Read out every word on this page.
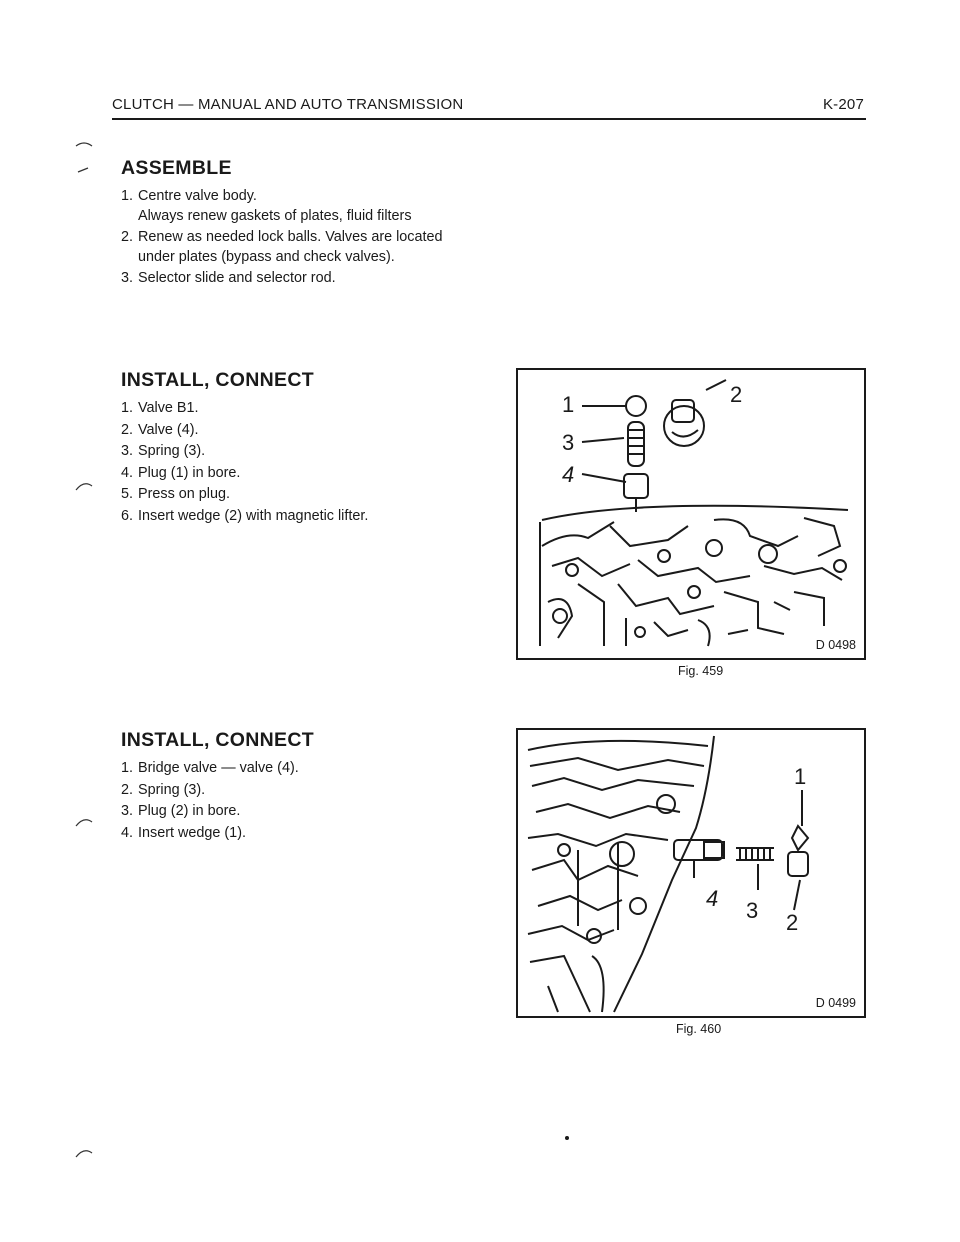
CLUTCH — MANUAL AND AUTO TRANSMISSION	K-207
ASSEMBLE
1. Centre valve body.
Always renew gaskets of plates, fluid filters
2. Renew as needed lock balls. Valves are located under plates (bypass and check valves).
3. Selector slide and selector rod.
INSTALL, CONNECT
1. Valve B1.
2. Valve (4).
3. Spring (3).
4. Plug (1) in bore.
5. Press on plug.
6. Insert wedge (2) with magnetic lifter.
INSTALL, CONNECT
1. Bridge valve — valve (4).
2. Spring (3).
3. Plug (2) in bore.
4. Insert wedge (1).
1	2
3
4
D 0498
Fig. 459
1
2
3
4
D 0499
Fig. 460
